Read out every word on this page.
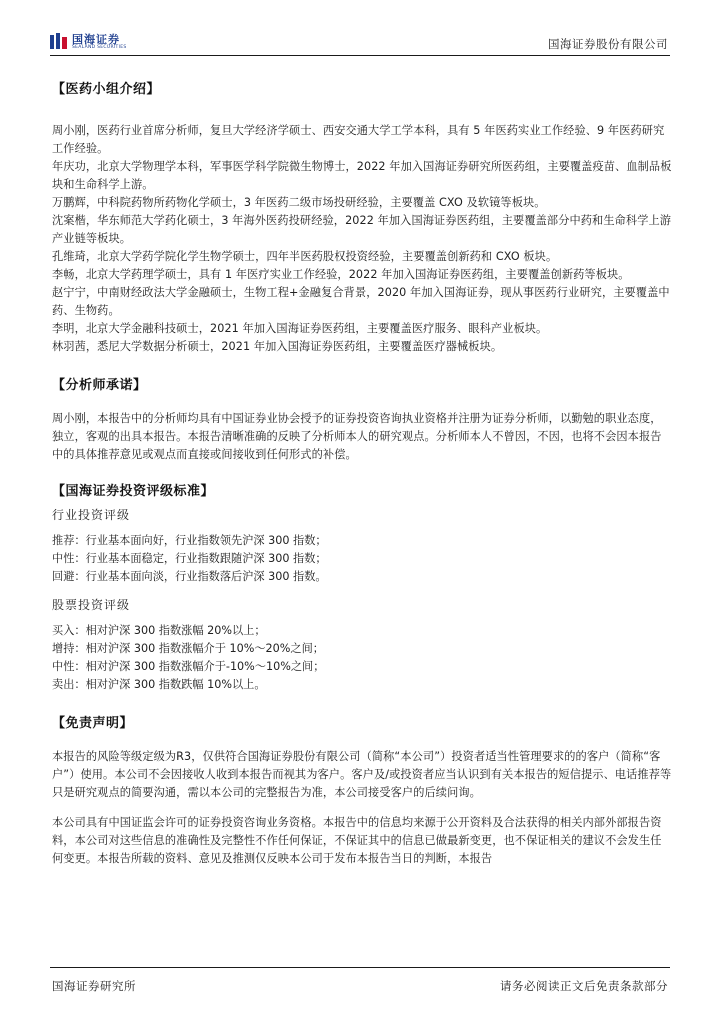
国海证券
SEALAND SECURITIES	国海证券股份有限公司
【医药小组介绍】

周小刚，医药行业首席分析师，复旦大学经济学硕士、西安交通大学工学本科，具有 5 年医药实业工作经验、9 年医药研究工作经验。

年庆功，北京大学物理学本科，军事医学科学院微生物博士，2022 年加入国海证券研究所医药组，主要覆盖疫苗、血制品板块和生命科学上游。

万鹏辉，中科院药物所药物化学硕士，3 年医药二级市场投研经验，主要覆盖 CXO 及软镜等板块。

沈案楷，华东师范大学药化硕士，3 年海外医药投研经验，2022 年加入国海证券医药组，主要覆盖部分中药和生命科学上游产业链等板块。

孔维琦，北京大学药学院化学生物学硕士，四年半医药股权投资经验，主要覆盖创新药和 CXO 板块。

李畅，北京大学药理学硕士，具有 1 年医疗实业工作经验，2022 年加入国海证券医药组，主要覆盖创新药等板块。

赵宁宁，中南财经政法大学金融硕士，生物工程+金融复合背景，2020 年加入国海证券，现从事医药行业研究，主要覆盖中药、生物药。

李明，北京大学金融科技硕士，2021 年加入国海证券医药组，主要覆盖医疗服务、眼科产业板块。

林羽茜，悉尼大学数据分析硕士，2021 年加入国海证券医药组，主要覆盖医疗器械板块。

【分析师承诺】

周小刚，本报告中的分析师均具有中国证券业协会授予的证券投资咨询执业资格并注册为证券分析师，以勤勉的职业态度，独立，客观的出具本报告。本报告清晰准确的反映了分析师本人的研究观点。分析师本人不曾因，不因，也将不会因本报告中的具体推荐意见或观点而直接或间接收到任何形式的补偿。

【国海证券投资评级标准】
行业投资评级
推荐：行业基本面向好，行业指数领先沪深 300 指数；
中性：行业基本面稳定，行业指数跟随沪深 300 指数；
回避：行业基本面向淡，行业指数落后沪深 300 指数。
股票投资评级
买入：相对沪深 300 指数涨幅 20%以上；
增持：相对沪深 300 指数涨幅介于 10%～20%之间；
中性：相对沪深 300 指数涨幅介于-10%～10%之间；
卖出：相对沪深 300 指数跌幅 10%以上。
【免责声明】

本报告的风险等级定级为R3，仅供符合国海证券股份有限公司（简称“本公司”）投资者适当性管理要求的的客户（简称“客户”）使用。本公司不会因接收人收到本报告而视其为客户。客户及/或投资者应当认识到有关本报告的短信提示、电话推荐等只是研究观点的简要沟通，需以本公司的完整报告为准，本公司接受客户的后续问询。

本公司具有中国证监会许可的证券投资咨询业务资格。本报告中的信息均来源于公开资料及合法获得的相关内部外部报告资料，本公司对这些信息的准确性及完整性不作任何保证，不保证其中的信息已做最新变更，也不保证相关的建议不会发生任何变更。本报告所载的资料、意见及推测仅反映本公司于发布本报告当日的判断，本报告

国海证券研究所	请务必阅读正文后免责条款部分
